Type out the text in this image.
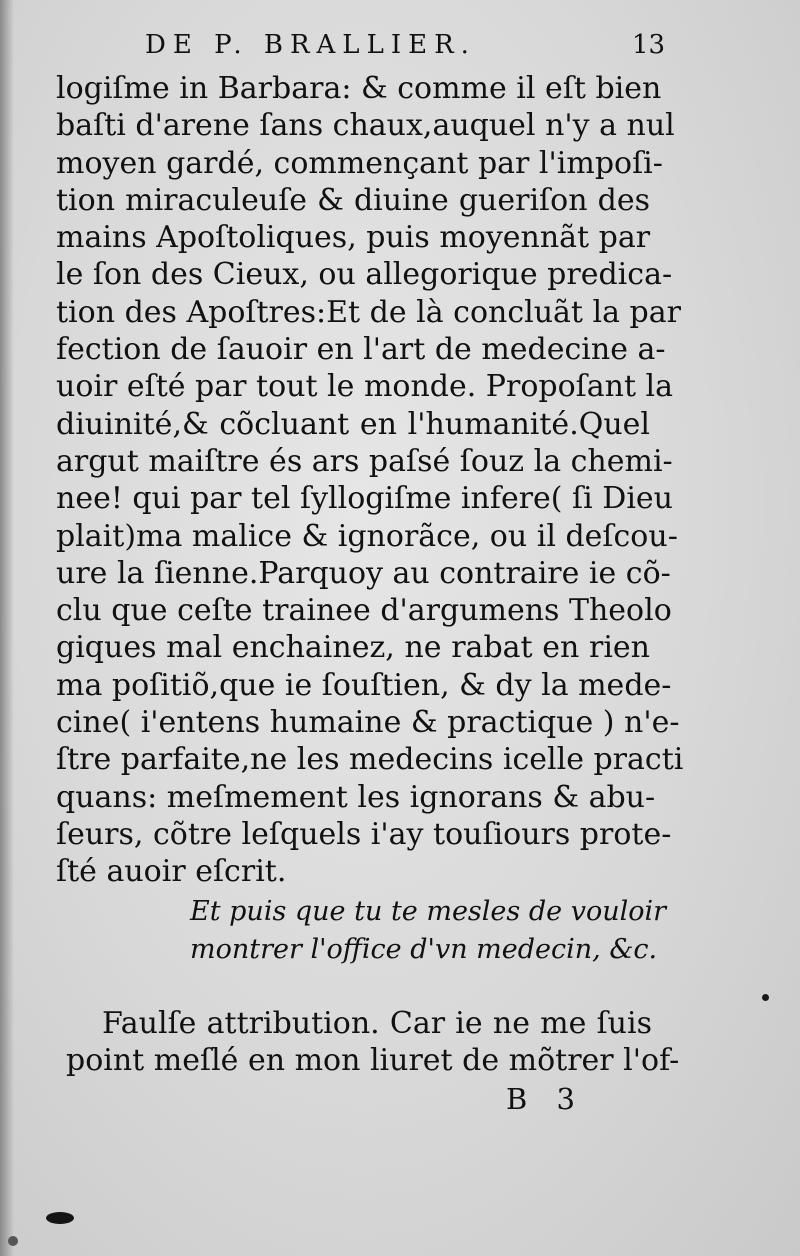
DE P. BRALLIER.	13
logiſme in Barbara: & comme il eſt bien
baſti d'arene ſans chaux,auquel n'y a nul
moyen gardé, commençant par l'impoſi-
tion miraculeuſe & diuine gueriſon des
mains Apoſtoliques, puis moyennãt par
le ſon des Cieux, ou allegorique predica-
tion des Apoſtres:Et de là concluãt la par
fection de ſauoir en l'art de medecine a-
uoir eſté par tout le monde. Propoſant la
diuinité,& cõcluant en l'humanité.Quel
argut maiſtre és ars paſsé ſouz la chemi-
nee! qui par tel ſyllogiſme infere( ſi Dieu
plait)ma malice & ignorãce, ou il deſcou-
ure la ſienne.Parquoy au contraire ie cõ-
clu que ceſte trainee d'argumens Theolo
giques mal enchainez, ne rabat en rien
ma poſitiõ,que ie ſouſtien, & dy la mede-
cine( i'entens humaine & practique ) n'e-
ſtre parfaite,ne les medecins icelle practi
quans: meſmement les ignorans & abu-
ſeurs, cõtre leſquels i'ay touſiours prote-
ſté auoir eſcrit.
Et puis que tu te mesles de vouloir
montrer l'office d'vn medecin, &c.
Faulſe attribution. Car ie ne me ſuis
point meſlé en mon liuret de mõtrer l'of-
B 3
